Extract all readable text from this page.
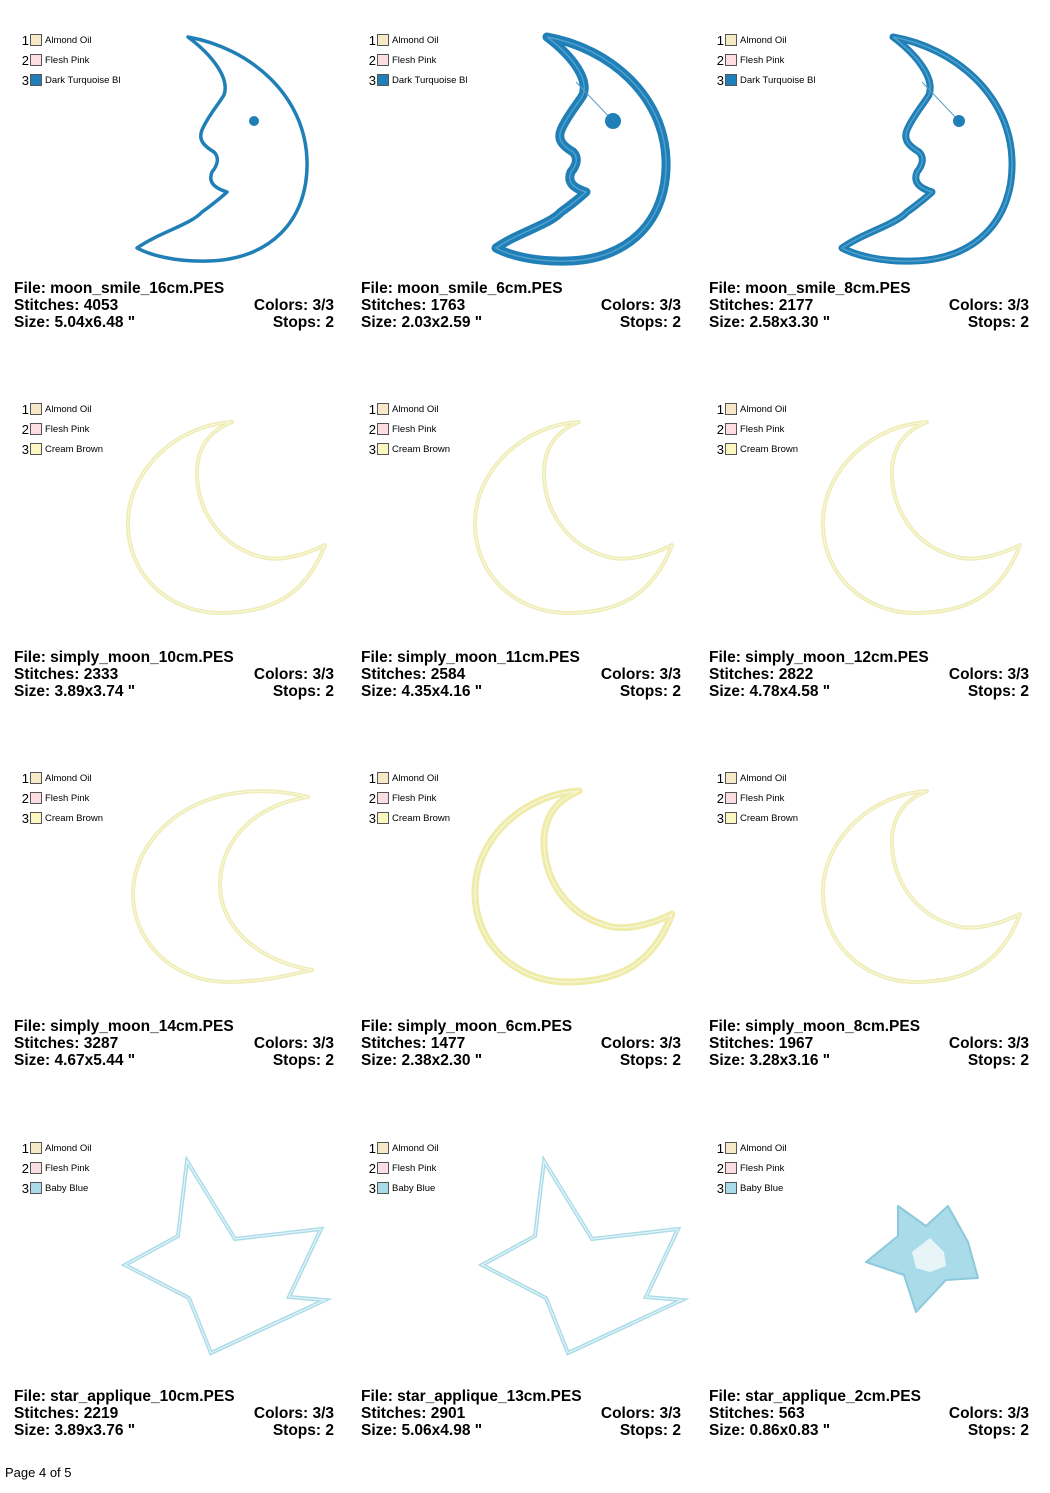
1 Almond Oil
2 Flesh Pink
3 Dark Turquoise Bl
File: moon_smile_16cm.PES
Stitches: 4053	Colors: 3/3
Size: 5.04x6.48 "	Stops: 2
1 Almond Oil
2 Flesh Pink
3 Dark Turquoise Bl
File: moon_smile_6cm.PES
Stitches: 1763	Colors: 3/3
Size: 2.03x2.59 "	Stops: 2
1 Almond Oil
2 Flesh Pink
3 Dark Turquoise Bl
File: moon_smile_8cm.PES
Stitches: 2177	Colors: 3/3
Size: 2.58x3.30 "	Stops: 2
1 Almond Oil
2 Flesh Pink
3 Cream Brown
File: simply_moon_10cm.PES
Stitches: 2333	Colors: 3/3
Size: 3.89x3.74 "	Stops: 2
1 Almond Oil
2 Flesh Pink
3 Cream Brown
File: simply_moon_11cm.PES
Stitches: 2584	Colors: 3/3
Size: 4.35x4.16 "	Stops: 2
1 Almond Oil
2 Flesh Pink
3 Cream Brown
File: simply_moon_12cm.PES
Stitches: 2822	Colors: 3/3
Size: 4.78x4.58 "	Stops: 2
1 Almond Oil
2 Flesh Pink
3 Cream Brown
File: simply_moon_14cm.PES
Stitches: 3287	Colors: 3/3
Size: 4.67x5.44 "	Stops: 2
1 Almond Oil
2 Flesh Pink
3 Cream Brown
File: simply_moon_6cm.PES
Stitches: 1477	Colors: 3/3
Size: 2.38x2.30 "	Stops: 2
1 Almond Oil
2 Flesh Pink
3 Cream Brown
File: simply_moon_8cm.PES
Stitches: 1967	Colors: 3/3
Size: 3.28x3.16 "	Stops: 2
1 Almond Oil
2 Flesh Pink
3 Baby Blue
File: star_applique_10cm.PES
Stitches: 2219	Colors: 3/3
Size: 3.89x3.76 "	Stops: 2
1 Almond Oil
2 Flesh Pink
3 Baby Blue
File: star_applique_13cm.PES
Stitches: 2901	Colors: 3/3
Size: 5.06x4.98 "	Stops: 2
1 Almond Oil
2 Flesh Pink
3 Baby Blue
File: star_applique_2cm.PES
Stitches: 563	Colors: 3/3
Size: 0.86x0.83 "	Stops: 2
Page 4 of 5
